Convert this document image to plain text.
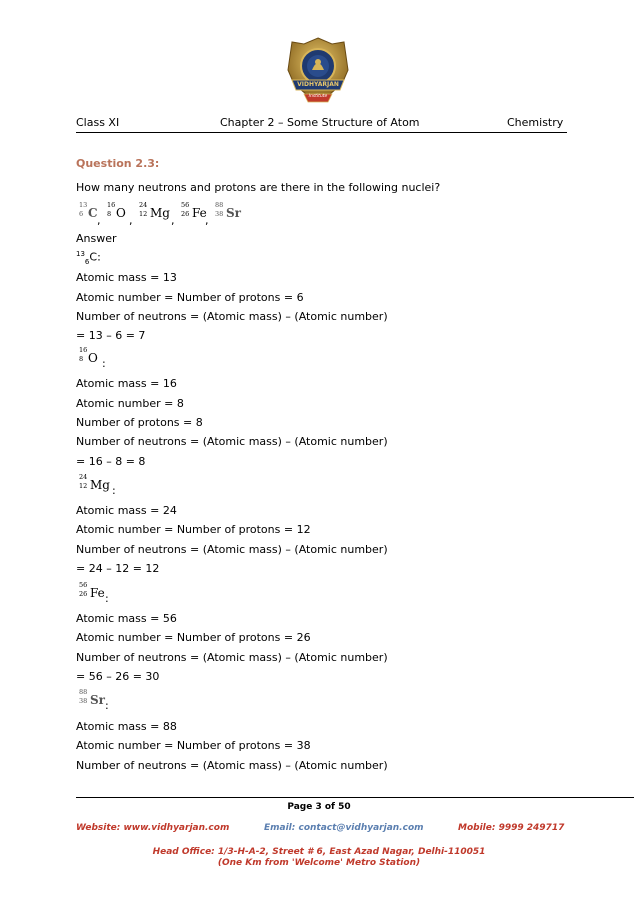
VIDHYARJAN
Institute
Class XI	Chapter 2 – Some Structure of Atom	Chemistry
Question 2.3:
How many neutrons and protons are there in the following nuclei?
13
6 C
,
16
8 O
,
24
12 Mg
,
56
26 Fe
,
88
38 Sr
Answer
$^{13}_6$C:
Atomic mass = 13
Atomic number = Number of protons = 6
Number of neutrons = (Atomic mass) – (Atomic number)
= 13 – 6 = 7
16
8 O :
Atomic mass = 16
Atomic number = 8
Number of protons = 8
Number of neutrons = (Atomic mass) – (Atomic number)
= 16 – 8 = 8
24
12 Mg :
Atomic mass = 24
Atomic number = Number of protons = 12
Number of neutrons = (Atomic mass) – (Atomic number)
= 24 – 12 = 12
56
26 Fe :
Atomic mass = 56
Atomic number = Number of protons = 26
Number of neutrons = (Atomic mass) – (Atomic number)
= 56 – 26 = 30
88
38 Sr :
Atomic mass = 88
Atomic number = Number of protons = 38
Number of neutrons = (Atomic mass) – (Atomic number)
Page 3 of 50
Website: www.vidhyarjan.com	Email: contact@vidhyarjan.com	Mobile: 9999 249717
Head Office: 1/3-H-A-2, Street # 6, East Azad Nagar, Delhi-110051
(One Km from 'Welcome' Metro Station)
